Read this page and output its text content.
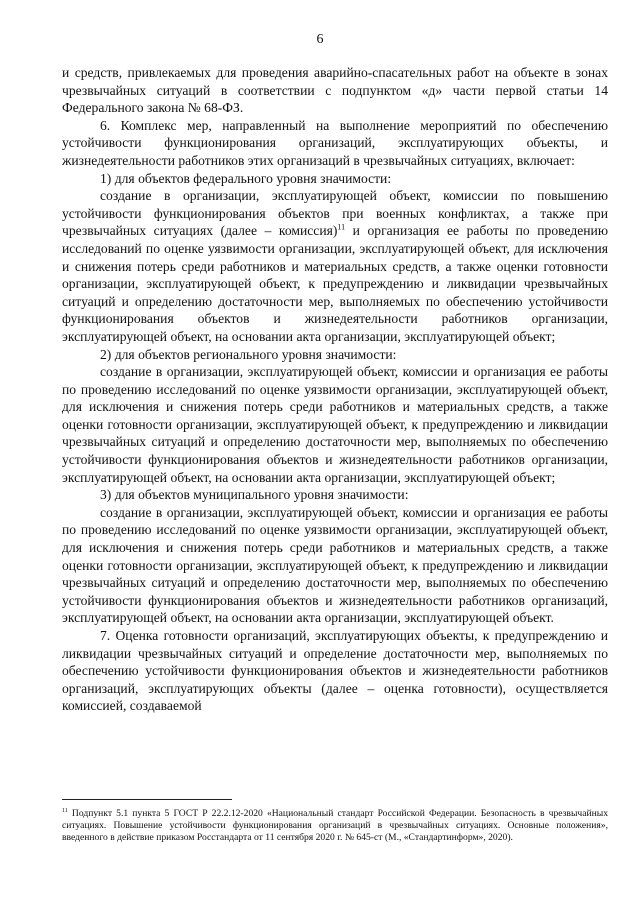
6

и средств, привлекаемых для проведения аварийно-спасательных работ на объекте в зонах чрезвычайных ситуаций в соответствии с подпунктом «д» части первой статьи 14 Федерального закона № 68-ФЗ.

6. Комплекс мер, направленный на выполнение мероприятий по обеспечению устойчивости функционирования организаций, эксплуатирующих объекты, и жизнедеятельности работников этих организаций в чрезвычайных ситуациях, включает:

1) для объектов федерального уровня значимости:

создание в организации, эксплуатирующей объект, комиссии по повышению устойчивости функционирования объектов при военных конфликтах, а также при чрезвычайных ситуациях (далее – комиссия)$^{11}$ и организация ее работы по проведению исследований по оценке уязвимости организации, эксплуатирующей объект, для исключения и снижения потерь среди работников и материальных средств, а также оценки готовности организации, эксплуатирующей объект, к предупреждению и ликвидации чрезвычайных ситуаций и определению достаточности мер, выполняемых по обеспечению устойчивости функционирования объектов и жизнедеятельности работников организации, эксплуатирующей объект, на основании акта организации, эксплуатирующей объект;

2) для объектов регионального уровня значимости:

создание в организации, эксплуатирующей объект, комиссии и организация ее работы по проведению исследований по оценке уязвимости организации, эксплуатирующей объект, для исключения и снижения потерь среди работников и материальных средств, а также оценки готовности организации, эксплуатирующей объект, к предупреждению и ликвидации чрезвычайных ситуаций и определению достаточности мер, выполняемых по обеспечению устойчивости функционирования объектов и жизнедеятельности работников организации, эксплуатирующей объект, на основании акта организации, эксплуатирующей объект;

3) для объектов муниципального уровня значимости:

создание в организации, эксплуатирующей объект, комиссии и организация ее работы по проведению исследований по оценке уязвимости организации, эксплуатирующей объект, для исключения и снижения потерь среди работников и материальных средств, а также оценки готовности организации, эксплуатирующей объект, к предупреждению и ликвидации чрезвычайных ситуаций и определению достаточности мер, выполняемых по обеспечению устойчивости функционирования объектов и жизнедеятельности работников организаций, эксплуатирующей объект, на основании акта организации, эксплуатирующей объект.

7. Оценка готовности организаций, эксплуатирующих объекты, к предупреждению и ликвидации чрезвычайных ситуаций и определение достаточности мер, выполняемых по обеспечению устойчивости функционирования объектов и жизнедеятельности работников организаций, эксплуатирующих объекты (далее – оценка готовности), осуществляется комиссией, создаваемой

$^{11}$ Подпункт 5.1 пункта 5 ГОСТ Р 22.2.12-2020 «Национальный стандарт Российской Федерации. Безопасность в чрезвычайных ситуациях. Повышение устойчивости функционирования организаций в чрезвычайных ситуациях. Основные положения», введенного в действие приказом Росстандарта от 11 сентября 2020 г. № 645-ст (М., «Стандартинформ», 2020).
